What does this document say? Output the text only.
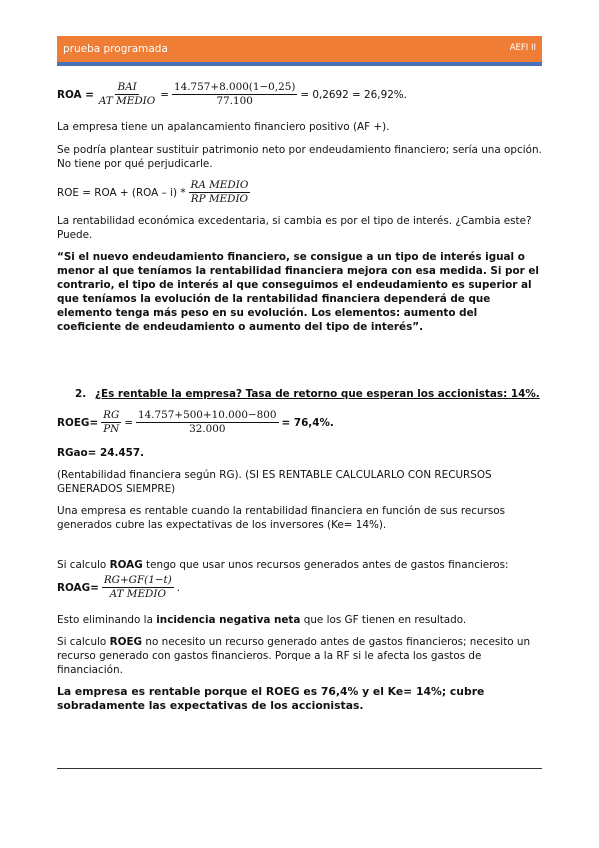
prueba programada	AEFI II
ROA = $\frac{\text{BAI}}{\text{AT MEDIO}} = \frac{14.757+8.000(1-0,25)}{77.100} = 0,2692 = 26,92\%$.

La empresa tiene un apalancamiento financiero positivo (AF +).

Se podría plantear sustituir patrimonio neto por endeudamiento financiero; sería una opción. No tiene por qué perjudicarle.

ROE = ROA + $(ROA - i) * \frac{\text{RA MEDIO}}{\text{RP MEDIO}}$

La rentabilidad económica excedentaria, si cambia es por el tipo de interés. ¿Cambia este? Puede.

“Si el nuevo endeudamiento financiero, se consigue a un tipo de interés igual o menor al que teníamos la rentabilidad financiera mejora con esa medida. Si por el contrario, el tipo de interés al que conseguimos el endeudamiento es superior al que teníamos la evolución de la rentabilidad financiera dependerá de que elemento tenga más peso en su evolución. Los elementos: aumento del coeficiente de endeudamiento o aumento del tipo de interés”.

2. ¿Es rentable la empresa? Tasa de retorno que esperan los accionistas: 14%.
ROEG= $\frac{RG}{PN} = \frac{14.757+500+10.000-800}{32.000} = 76,4\%$.

RGao= 24.457.

(Rentabilidad financiera según RG). (SI ES RENTABLE CALCULARLO CON RECURSOS GENERADOS SIEMPRE)

Una empresa es rentable cuando la rentabilidad financiera en función de sus recursos generados cubre las expectativas de los inversores (Ke= 14%).

Si calculo ROAG tengo que usar unos recursos generados antes de gastos financieros:

ROAG= $\frac{RG+GF(1-t)}{\text{AT MEDIO}}$ .

Esto eliminando la incidencia negativa neta que los GF tienen en resultado.

Si calculo ROEG no necesito un recurso generado antes de gastos financieros; necesito un recurso generado con gastos financieros. Porque a la RF si le afecta los gastos de financiación.

La empresa es rentable porque el ROEG es 76,4% y el Ke= 14%; cubre sobradamente las expectativas de los accionistas.
